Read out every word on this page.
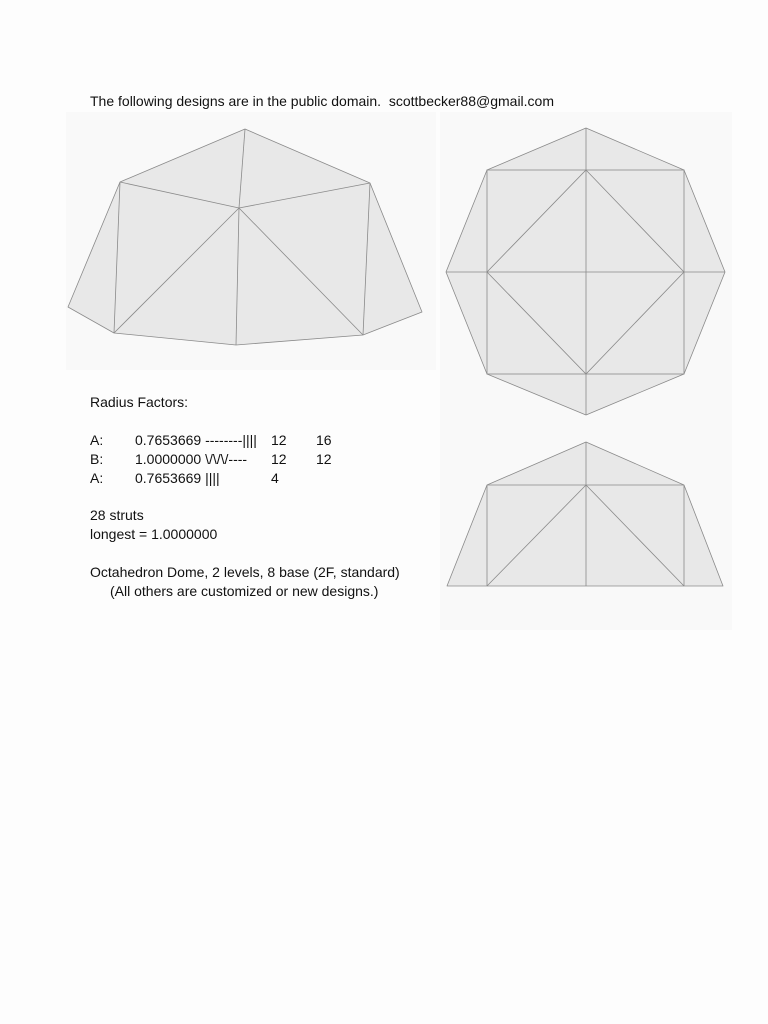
The following designs are in the public domain.  scottbecker88@gmail.com
Radius Factors:
A: 0.7653669 --------|||| 12 16
B: 1.0000000 \/\/\/---- 12 12
A: 0.7653669 ||||	4
28 struts
longest = 1.0000000
Octahedron Dome, 2 levels, 8 base (2F, standard)
(All others are customized or new designs.)
